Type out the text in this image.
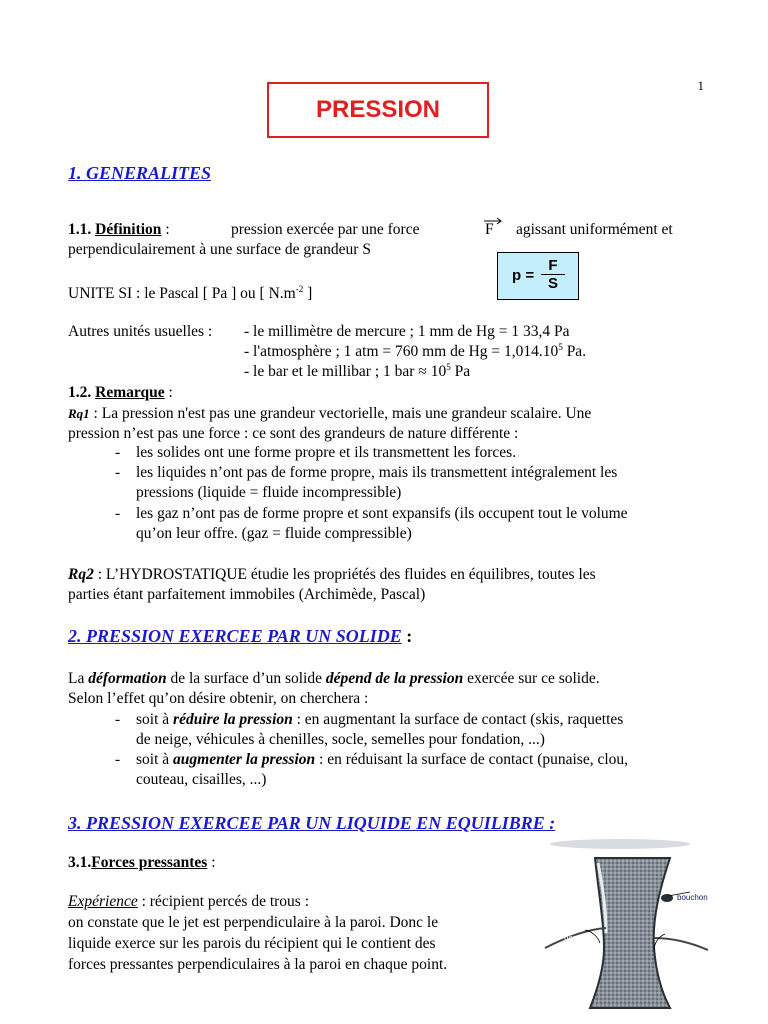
1
PRESSION
1. GENERALITES
1.1. Définition :	pression exercée par une force	F agissant uniformément et
perpendiculairement à une surface de grandeur S
$p = \frac{F}{S}$
UNITE SI : le Pascal [ Pa ] ou [ $N.m^{-2}$ ]
Autres unités usuelles : - le millimètre de mercure ; 1 mm de Hg = 1 33,4 Pa
- l'atmosphère ; 1 atm = 760 mm de $Hg = 1,014.10^5$ Pa.
- le bar et le millibar ; 1 bar ≈ $10^5$ Pa
1.2. Remarque :
Rq1 : La pression n'est pas une grandeur vectorielle, mais une grandeur scalaire. Une
pression n’est pas une force : ce sont des grandeurs de nature différente :
- les solides ont une forme propre et ils transmettent les forces.
- les liquides n’ont pas de forme propre, mais ils transmettent intégralement les
pressions (liquide = fluide incompressible)
- les gaz n’ont pas de forme propre et sont expansifs (ils occupent tout le volume
qu’on leur offre. (gaz = fluide compressible)
Rq2 : L’HYDROSTATIQUE étudie les propriétés des fluides en équilibres, toutes les
parties étant parfaitement immobiles (Archimède, Pascal)
2. PRESSION EXERCEE PAR UN SOLIDE :
La déformation de la surface d’un solide dépend de la pression exercée sur ce solide.
Selon l’effet qu’on désire obtenir, on cherchera :
- soit à réduire la pression : en augmentant la surface de contact (skis, raquettes
de neige, véhicules à chenilles, socle, semelles pour fondation, ...)
- soit à augmenter la pression : en réduisant la surface de contact (punaise, clou,
couteau, cisailles, ...)
3. PRESSION EXERCEE PAR UN LIQUIDE EN EQUILIBRE :
3.1.Forces pressantes :
Expérience : récipient percés de trous :
on constate que le jet est perpendiculaire à la paroi. Donc le
liquide exerce sur les parois du récipient qui le contient des
forces pressantes perpendiculaires à la paroi en chaque point.
bouchon
90°
90°
